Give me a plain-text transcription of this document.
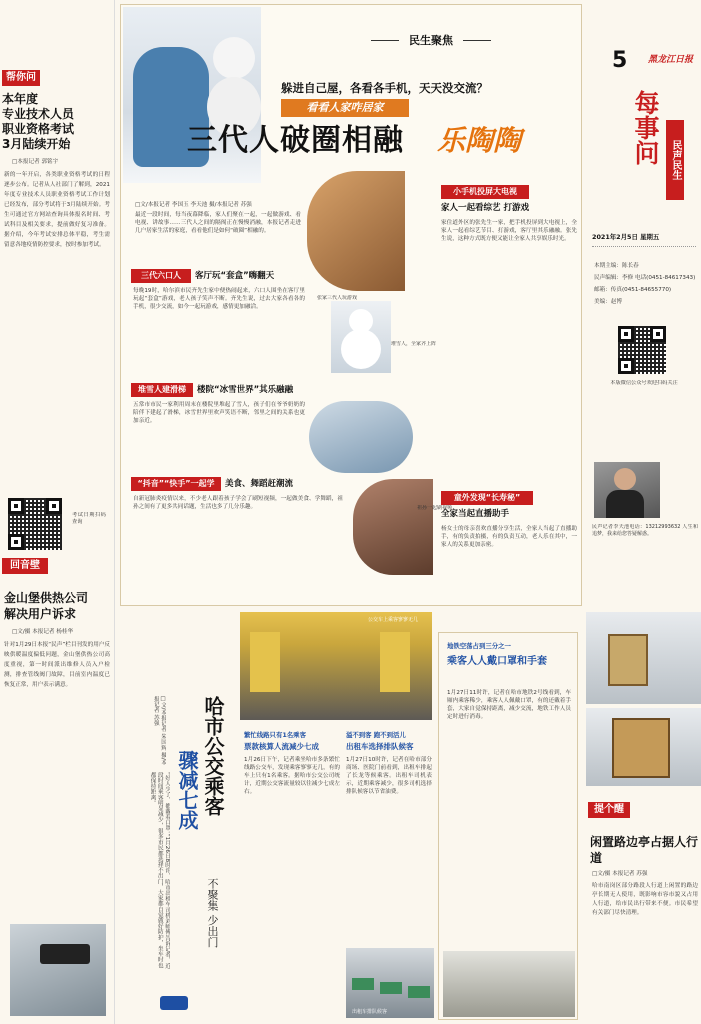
帮你问
本年度
专业技术人员
职业资格考试
3月陆续开始
□本报记者 郭铭宇
新的一年开启，各类职业资格考试的日程逐步公布。记者从人社部门了解到，2021年度专业技术人员职业资格考试工作计划已经发布，部分考试将于3月陆续开始。考生可通过官方网站查询具体报名时间、考试科目及相关要求，提前做好复习准备。据介绍，今年考试安排总体平稳，考生需留意各地疫情防控要求，按时参加考试。
考试日期扫码查询
回音壁
金山堡供热公司
解决用户诉求
□文/摄 本报记者 杨桂华
针对1月29日本报“民声”栏目刊发的用户反映供暖温度偏低问题，金山堡供热公司高度重视，第一时间派出维修人员入户检测，排查管线阀门故障，目前室内温度已恢复正常，用户表示满意。
民生聚焦
躲进自己屋，各看各手机，天天没交流？
看看人家咋居家
三代人破圈相融	乐陶陶
□文/本报记者 李国玉 李天池 摄/本报记者 苏强
最近一段时间，每当夜幕降临，家人们聚在一起，一起做游戏、看电视、讲故事……三代人之间的隔阂正在慢慢消融，本报记者走进几户居家生活的家庭，看看他们是如何“破圈”相融的。
张家三代人玩游戏
堆雪人，全家齐上阵
祖孙一起刷视频
三代六口人	客厅玩“套盒”嗨翻天
每晚19时，哈尔滨市民齐先生家中便热闹起来，六口人围坐在客厅里玩起“套盒”游戏，老人孩子笑声不断。齐先生说，过去大家各看各的手机，很少交流，如今一起玩游戏，感情更加融洽。
堆雪人建滑梯	楼院“冰雪世界”其乐融融
五常市市民一家利用周末在楼院里堆起了雪人，孩子们在爷爷奶奶的陪伴下建起了滑梯，冰雪世界里欢声笑语不断，邻里之间的关系也更加亲近。
“抖音”“快手”一起学	美食、舞蹈赶潮流
自新冠肺炎疫情以来，不少老人跟着孩子学会了刷短视频，一起做美食、学舞蹈，祖孙之间有了更多共同话题，生活也多了几分乐趣。
小手机投屏大电视
家人一起看综艺 打游戏
家住道外区的张先生一家，把手机投屏到大电视上，全家人一起看综艺节目、打游戏，客厅里其乐融融。张先生说，这种方式既方便又能让全家人共享娱乐时光。
童外发现“长寿秘”
全家当起直播助手
杨女士的母亲喜欢直播分享生活，全家人当起了直播助手，有的负责拍摄，有的负责互动，老人乐在其中，一家人的关系更加亲密。
5	黑龙江日报
每事问	民声民生
2021年2月5日 星期五
本期主编：陈长春
民声编辑：李修 电话(0451-84617343)
邮箱：传真(0451-84655770)
美编：赵博
本版微信公众号欢迎扫码关注
民声记者李天池电话：13212993632 人生和追梦，我来给您答疑解惑。
哈市公交乘客
骤减七成
不聚集 少出门
□文/本报记者 朱国辉 摄/本报记者 苏强
“好人少了，都戴着口罩。”1月26日8时许，哈市出租车司机刘师傅告诉记者，近段时间乘客明显减少，很多市民都选择不出门，大家都自觉做好防护，坐车时也都保持距离。
公交车上乘客寥寥无几
繁忙线路只有1名乘客
票款核算人流减少七成
1月26日下午，记者乘坐哈市多条繁忙线路公交车，发现乘客寥寥无几，有的车上只有1名乘客。据哈市公交公司统计，近期公交客流量较以往减少七成左右。
溢不到客 跑不到活儿
出租车选择排队候客
1月27日10时许，记者在哈市部分商场、医院门前看到，出租车排起了长龙等候乘客。出租车司机表示，近期乘客减少，很多司机选择排队候客以节省油费。
出租车排队候客
地铁空荡占到三分之一
乘客人人戴口罩和手套
1月27日11时许，记者在哈市地铁2号线看到，车厢内乘客稀少，乘客人人佩戴口罩，有的还戴着手套，大家自觉保持距离，减少交流，地铁工作人员定时进行消毒。
提个醒
闲置路边亭占据人行道
□文/摄 本报记者 苏强
哈市南岗区部分路段人行道上闲置的路边亭长期无人使用，既影响市容市貌又占用人行道，给市民出行带来不便。市民希望有关部门尽快清理。
